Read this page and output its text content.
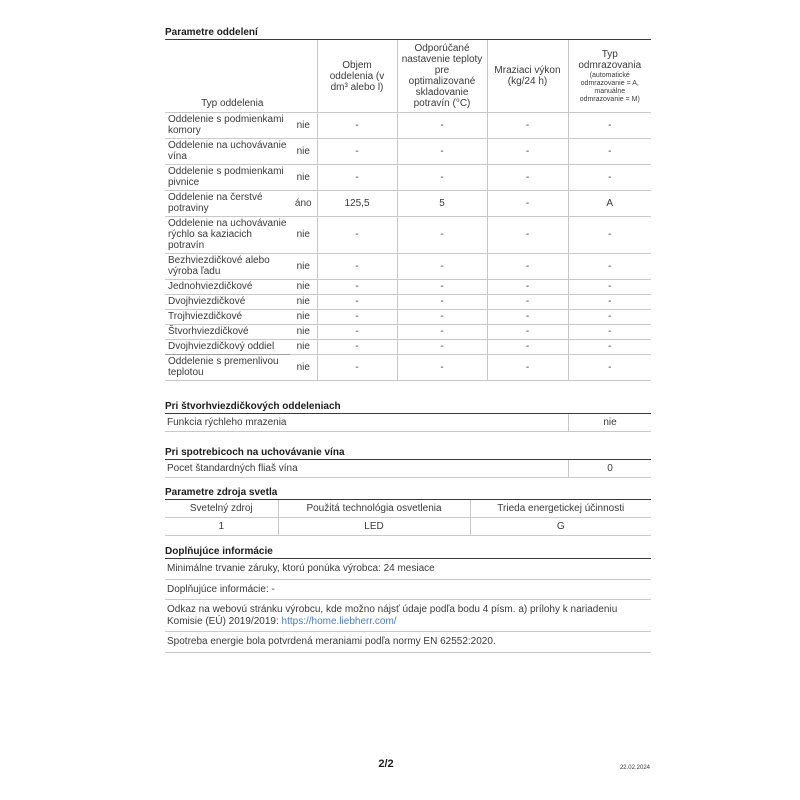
Parametre oddelení
Typ oddelenia		Objem oddelenia (v dm³ alebo l)	Odporúčané nastavenie teploty pre optimalizované skladovanie potravín (°C)	Mraziaci výkon (kg/24 h)	Typ odmrazovania
(automatické odmrazovanie = A, manuálne odmrazovanie = M)

Oddelenie s podmienkami komory	nie	-	-	-	-
Oddelenie na uchovávanie vína	nie	-	-	-	-
Oddelenie s podmienkami pivnice	nie	-	-	-	-
Oddelenie na čerstvé potraviny	áno	125,5	5	-	A
Oddelenie na uchovávanie rýchlo sa kaziacich potravín	nie	-	-	-	-
Bezhviezdičkové alebo výroba ľadu	nie	-	-	-	-
Jednohviezdičkové	nie	-	-	-	-
Dvojhviezdičkové	nie	-	-	-	-
Trojhviezdičkové	nie	-	-	-	-
Štvorhviezdičkové	nie	-	-	-	-
Dvojhviezdičkový oddiel	nie	-	-	-	-
Oddelenie s premenlivou teplotou	nie	-	-	-	-
Pri štvorhviezdičkových oddeleniach
Funkcia rýchleho mrazenia	nie
Pri spotrebicoch na uchovávanie vína
Pocet štandardných fliaš vína	0
Parametre zdroja svetla
Svetelný zdroj	Použitá technológia osvetlenia	Trieda energetickej účinnosti
1	LED	G
Doplňujúce informácie
Minimálne trvanie záruky, ktorú ponúka výrobca: 24 mesiace
Doplňujúce informácie: -
Odkaz na webovú stránku výrobcu, kde možno nájsť údaje podľa bodu 4 písm. a) prílohy k nariadeniu Komisie (EÚ) 2019/2019: https://home.liebherr.com/
Spotreba energie bola potvrdená meraniami podľa normy EN 62552:2020.
2/2	22.02.2024
